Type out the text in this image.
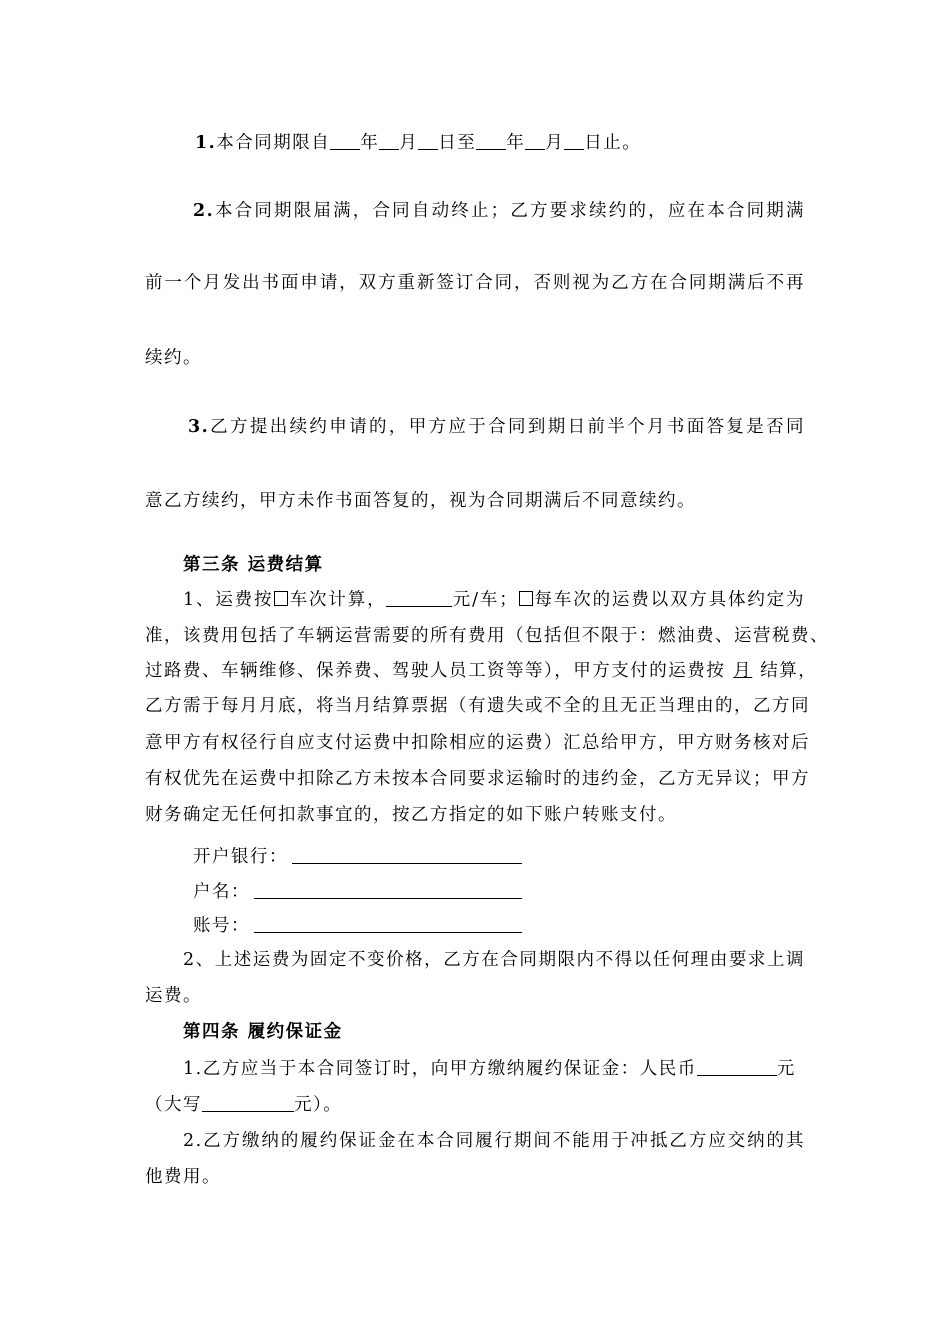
1.本合同期限自 年 月 日至 年 月 日止。
2.本合同期限届满，合同自动终止；乙方要求续约的，应在本合同期满
前一个月发出书面申请，双方重新签订合同，否则视为乙方在合同期满后不再
续约。
3.乙方提出续约申请的，甲方应于合同到期日前半个月书面答复是否同
意乙方续约，甲方未作书面答复的，视为合同期满后不同意续约。
第三条 运费结算
1、运费按 车次计算，	元/车； 每车次的运费以双方具体约定为
准，该费用包括了车辆运营需要的所有费用（包括但不限于：燃油费、运营税费、
过路费、车辆维修、保养费、驾驶人员工资等等），甲方支付的运费按 月 结算，
乙方需于每月月底，将当月结算票据（有遗失或不全的且无正当理由的，乙方同
意甲方有权径行自应支付运费中扣除相应的运费）汇总给甲方，甲方财务核对后
有权优先在运费中扣除乙方未按本合同要求运输时的违约金，乙方无异议；甲方
财务确定无任何扣款事宜的，按乙方指定的如下账户转账支付。
开户银行：
户名：
账号：
2、上述运费为固定不变价格，乙方在合同期限内不得以任何理由要求上调
运费。
第四条 履约保证金
1.乙方应当于本合同签订时，向甲方缴纳履约保证金：人民币	元
（大写	元）。
2.乙方缴纳的履约保证金在本合同履行期间不能用于冲抵乙方应交纳的其
他费用。
